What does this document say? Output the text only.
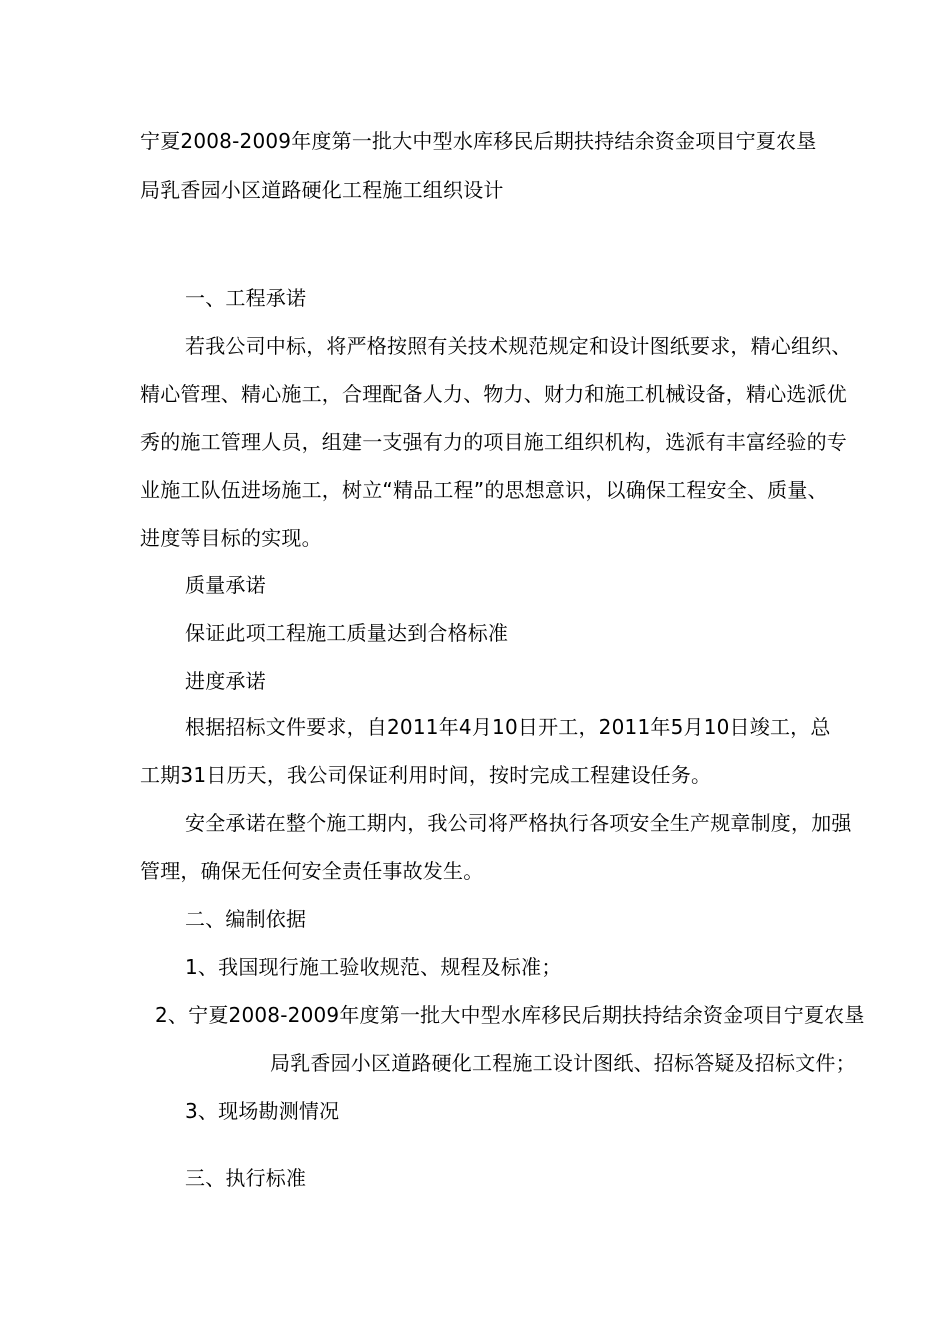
宁夏2008-2009年度第一批大中型水库移民后期扶持结余资金项目宁夏农垦
局乳香园小区道路硬化工程施工组织设计
一、工程承诺
若我公司中标，将严格按照有关技术规范规定和设计图纸要求，精心组织、
精心管理、精心施工，合理配备人力、物力、财力和施工机械设备，精心选派优
秀的施工管理人员，组建一支强有力的项目施工组织机构，选派有丰富经验的专
业施工队伍进场施工，树立“精品工程”的思想意识，以确保工程安全、质量、
进度等目标的实现。
质量承诺
保证此项工程施工质量达到合格标准
进度承诺
根据招标文件要求，自2011年4月10日开工，2011年5月10日竣工，总
工期31日历天，我公司保证利用时间，按时完成工程建设任务。
安全承诺在整个施工期内，我公司将严格执行各项安全生产规章制度，加强
管理，确保无任何安全责任事故发生。
二、编制依据
1、我国现行施工验收规范、规程及标准；
2、宁夏2008-2009年度第一批大中型水库移民后期扶持结余资金项目宁夏农垦
局乳香园小区道路硬化工程施工设计图纸、招标答疑及招标文件；
3、现场勘测情况
三、执行标准
